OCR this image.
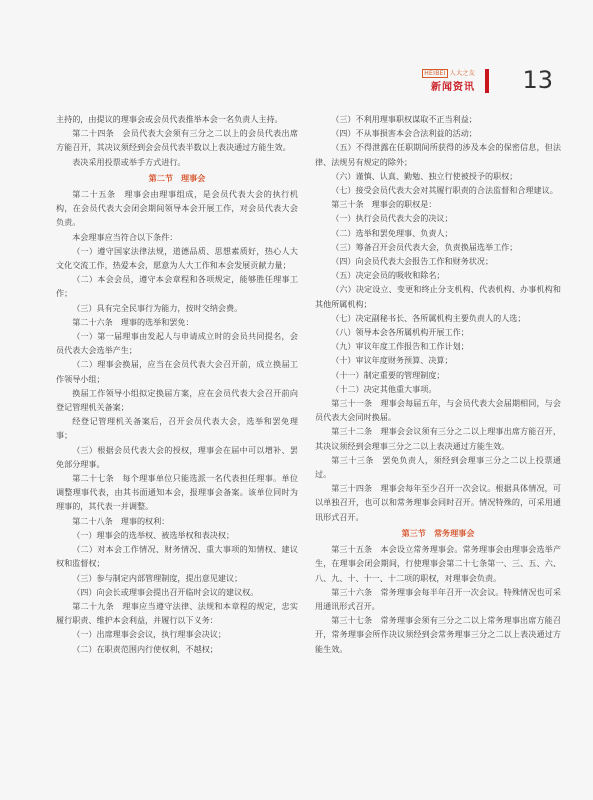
HEIBEI 人大之友
新闻资讯 13

主持的，由提议的理事会或会员代表推举本会一名负责人主持。

第二十四条　会员代表大会须有三分之二以上的会员代表出席方能召开，其决议须经到会会员代表半数以上表决通过方能生效。

表决采用投票或举手方式进行。

第二节　理事会

第二十五条　理事会由理事组成，是会员代表大会的执行机构，在会员代表大会闭会期间领导本会开展工作，对会员代表大会负责。

本会理事应当符合以下条件：

（一）遵守国家法律法规，道德品质、思想素质好，热心人大文化交流工作，热爱本会，愿意为人大工作和本会发展贡献力量；

（二）本会会员，遵守本会章程和各项规定，能够胜任理事工作；

（三）具有完全民事行为能力，按时交纳会费。

第二十六条　理事的选举和罢免：

（一）第一届理事由发起人与申请成立时的会员共同提名，会员代表大会选举产生；

（二）理事会换届，应当在会员代表大会召开前，成立换届工作领导小组；

换届工作领导小组拟定换届方案，应在会员代表大会召开前向登记管理机关备案；

经登记管理机关备案后，召开会员代表大会，选举和罢免理事；

（三）根据会员代表大会的授权，理事会在届中可以增补、罢免部分理事。

第二十七条　每个理事单位只能选派一名代表担任理事。单位调整理事代表，由其书面通知本会，报理事会备案。该单位同时为理事的，其代表一并调整。

第二十八条　理事的权利：

（一）理事会的选举权、被选举权和表决权；

（二）对本会工作情况、财务情况、重大事项的知情权、建议权和监督权；

（三）参与制定内部管理制度，提出意见建议；

（四）向会长或理事会提出召开临时会议的建议权。

第二十九条　理事应当遵守法律、法规和本章程的规定，忠实履行职责、维护本会利益，并履行以下义务：

（一）出席理事会会议，执行理事会决议；

（二）在职责范围内行使权利，不越权；

（三）不利用理事职权谋取不正当利益；

（四）不从事损害本会合法利益的活动；

（五）不得泄露在任职期间所获得的涉及本会的保密信息，但法律、法规另有规定的除外；

（六）谨慎、认真、勤勉、独立行使被授予的职权；

（七）接受会员代表大会对其履行职责的合法监督和合理建议。

第三十条　理事会的职权是：

（一）执行会员代表大会的决议；

（二）选举和罢免理事、负责人；

（三）筹备召开会员代表大会，负责换届选举工作；

（四）向会员代表大会报告工作和财务状况；

（五）决定会员的吸收和除名；

（六）决定设立、变更和终止分支机构、代表机构、办事机构和其他所属机构；

（七）决定副秘书长、各所属机构主要负责人的人选；

（八）领导本会各所属机构开展工作；

（九）审议年度工作报告和工作计划；

（十）审议年度财务预算、决算；

（十一）制定重要的管理制度；

（十二）决定其他重大事项。

第三十一条　理事会每届五年，与会员代表大会届期相同，与会员代表大会同时换届。

第三十二条　理事会会议须有三分之二以上理事出席方能召开，其决议须经到会理事三分之二以上表决通过方能生效。

第三十三条　罢免负责人，须经到会理事三分之二以上投票通过。

第三十四条　理事会每年至少召开一次会议。根据具体情况，可以单独召开，也可以和常务理事会同时召开。情况特殊的，可采用通讯形式召开。

第三节　常务理事会

第三十五条　本会设立常务理事会。常务理事会由理事会选举产生，在理事会闭会期间，行使理事会第二十七条第一、三、五、六、八、九、十、十一、十二项的职权，对理事会负责。

第三十六条　常务理事会每半年召开一次会议。特殊情况也可采用通讯形式召开。

第三十七条　常务理事会须有三分之二以上常务理事出席方能召开，常务理事会所作决议须经到会常务理事三分之二以上表决通过方能生效。
